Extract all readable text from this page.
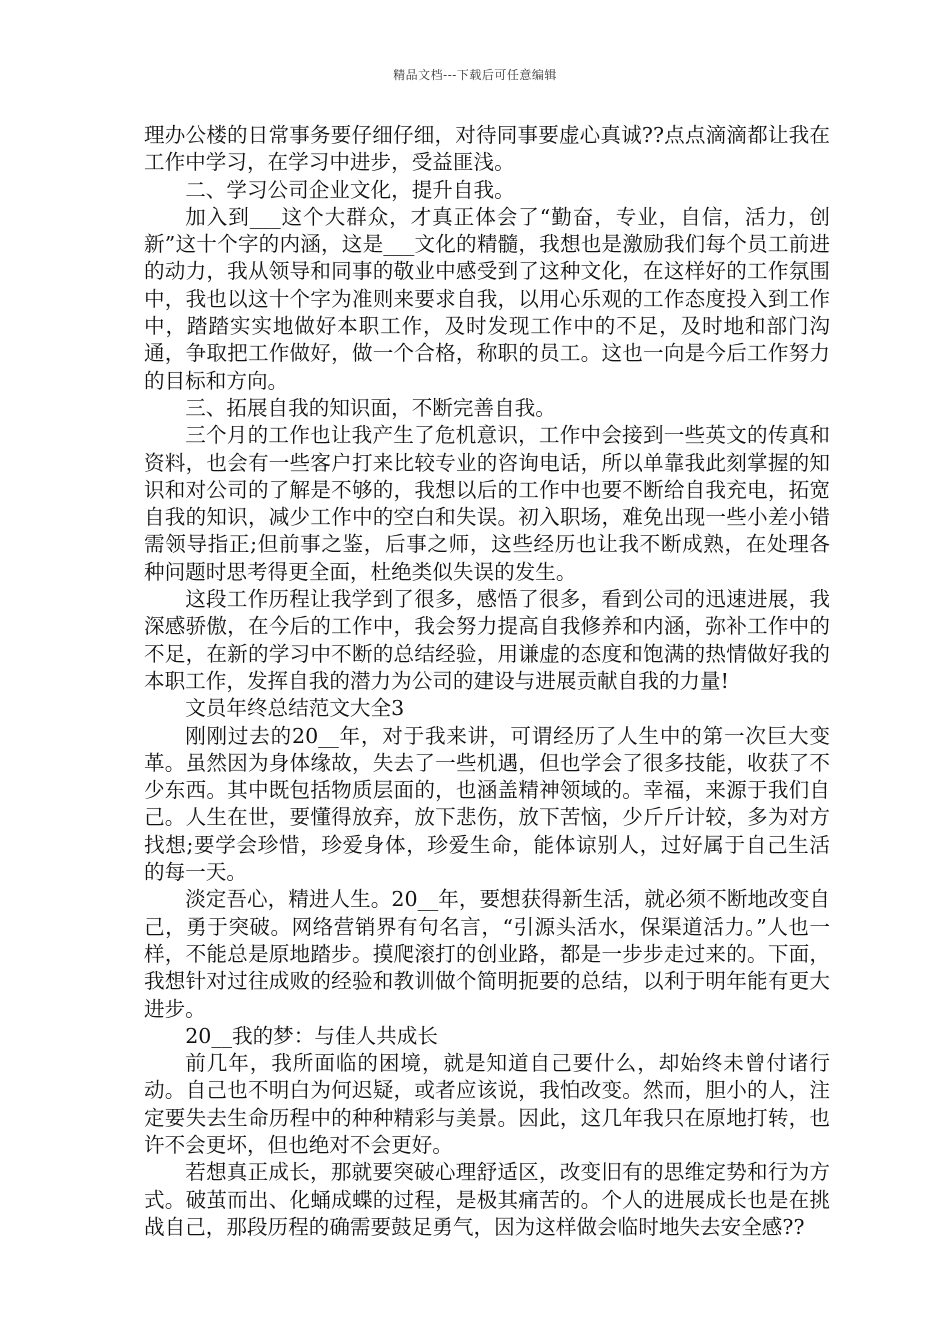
精品文档---下载后可任意编辑

理办公楼的日常事务要仔细仔细，对待同事要虚心真诚??点点滴滴都让我在工作中学习，在学习中进步，受益匪浅。

二、学习公司企业文化，提升自我。

加入到___这个大群众，才真正体会了“勤奋，专业，自信，活力，创新”这十个字的内涵，这是___文化的精髓，我想也是激励我们每个员工前进的动力，我从领导和同事的敬业中感受到了这种文化，在这样好的工作氛围中，我也以这十个字为准则来要求自我，以用心乐观的工作态度投入到工作中，踏踏实实地做好本职工作，及时发现工作中的不足，及时地和部门沟通，争取把工作做好，做一个合格，称职的员工。这也一向是今后工作努力的目标和方向。

三、拓展自我的知识面，不断完善自我。

三个月的工作也让我产生了危机意识，工作中会接到一些英文的传真和资料，也会有一些客户打来比较专业的咨询电话，所以单靠我此刻掌握的知识和对公司的了解是不够的，我想以后的工作中也要不断给自我充电，拓宽自我的知识，减少工作中的空白和失误。初入职场，难免出现一些小差小错需领导指正;但前事之鉴，后事之师，这些经历也让我不断成熟，在处理各种问题时思考得更全面，杜绝类似失误的发生。

这段工作历程让我学到了很多，感悟了很多，看到公司的迅速进展，我深感骄傲，在今后的工作中，我会努力提高自我修养和内涵，弥补工作中的不足，在新的学习中不断的总结经验，用谦虚的态度和饱满的热情做好我的本职工作，发挥自我的潜力为公司的建设与进展贡献自我的力量!

文员年终总结范文大全3

刚刚过去的20__年，对于我来讲，可谓经历了人生中的第一次巨大变革。虽然因为身体缘故，失去了一些机遇，但也学会了很多技能，收获了不少东西。其中既包括物质层面的，也涵盖精神领域的。幸福，来源于我们自己。人生在世，要懂得放弃，放下悲伤，放下苦恼，少斤斤计较，多为对方找想;要学会珍惜，珍爱身体，珍爱生命，能体谅别人，过好属于自己生活的每一天。

淡定吾心，精进人生。20__年，要想获得新生活，就必须不断地改变自己，勇于突破。网络营销界有句名言，“引源头活水，保渠道活力。”人也一样，不能总是原地踏步。摸爬滚打的创业路，都是一步步走过来的。下面，我想针对过往成败的经验和教训做个简明扼要的总结，以利于明年能有更大进步。

20__我的梦：与佳人共成长

前几年，我所面临的困境，就是知道自己要什么，却始终未曾付诸行动。自己也不明白为何迟疑，或者应该说，我怕改变。然而，胆小的人，注定要失去生命历程中的种种精彩与美景。因此，这几年我只在原地打转，也许不会更坏，但也绝对不会更好。

若想真正成长，那就要突破心理舒适区，改变旧有的思维定势和行为方式。破茧而出、化蛹成蝶的过程，是极其痛苦的。个人的进展成长也是在挑战自己，那段历程的确需要鼓足勇气，因为这样做会临时地失去安全感??
